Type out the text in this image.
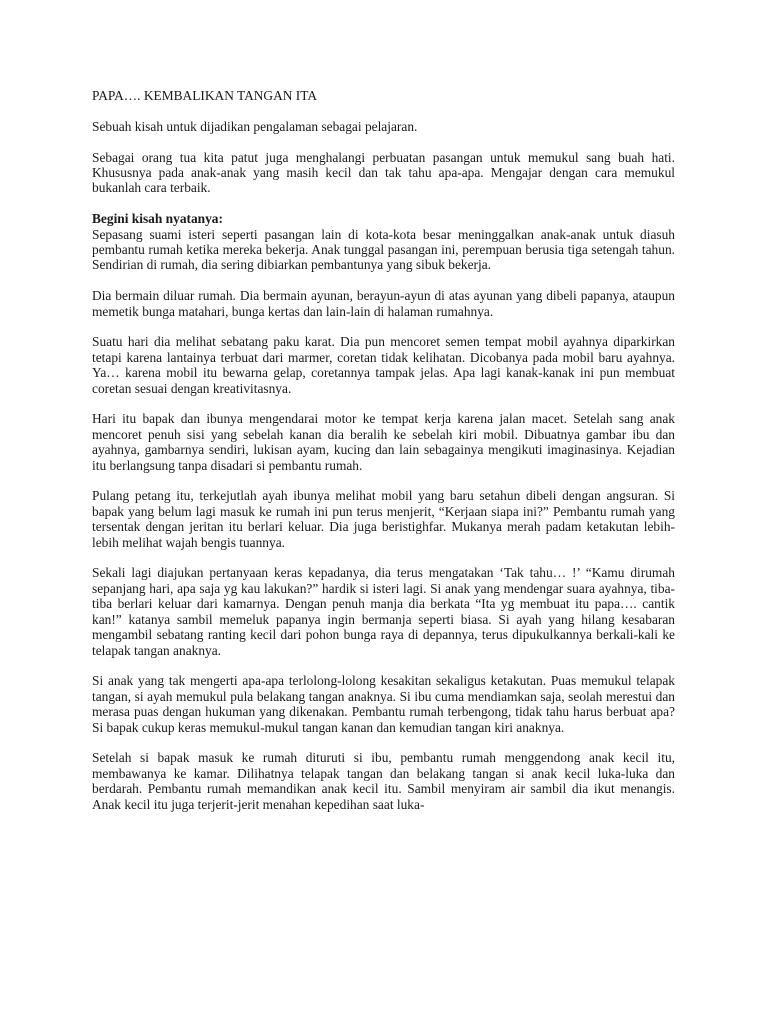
PAPA…. KEMBALIKAN TANGAN ITA

Sebuah kisah untuk dijadikan pengalaman sebagai pelajaran.

Sebagai orang tua kita patut juga menghalangi perbuatan pasangan untuk memukul sang buah hati. Khususnya pada anak-anak yang masih kecil dan tak tahu apa-apa. Mengajar dengan cara memukul bukanlah cara terbaik.

Begini kisah nyatanya:

Sepasang suami isteri seperti pasangan lain di kota-kota besar meninggalkan anak-anak untuk diasuh pembantu rumah ketika mereka bekerja. Anak tunggal pasangan ini, perempuan berusia tiga setengah tahun. Sendirian di rumah, dia sering dibiarkan pembantunya yang sibuk bekerja.

Dia bermain diluar rumah. Dia bermain ayunan, berayun-ayun di atas ayunan yang dibeli papanya, ataupun memetik bunga matahari, bunga kertas dan lain-lain di halaman rumahnya.

Suatu hari dia melihat sebatang paku karat. Dia pun mencoret semen tempat mobil ayahnya diparkirkan tetapi karena lantainya terbuat dari marmer, coretan tidak kelihatan. Dicobanya pada mobil baru ayahnya. Ya… karena mobil itu bewarna gelap, coretannya tampak jelas. Apa lagi kanak-kanak ini pun membuat coretan sesuai dengan kreativitasnya.

Hari itu bapak dan ibunya mengendarai motor ke tempat kerja karena jalan macet. Setelah sang anak mencoret penuh sisi yang sebelah kanan dia beralih ke sebelah kiri mobil. Dibuatnya gambar ibu dan ayahnya, gambarnya sendiri, lukisan ayam, kucing dan lain sebagainya mengikuti imaginasinya. Kejadian itu berlangsung tanpa disadari si pembantu rumah.

Pulang petang itu, terkejutlah ayah ibunya melihat mobil yang baru setahun dibeli dengan angsuran. Si bapak yang belum lagi masuk ke rumah ini pun terus menjerit, “Kerjaan siapa ini?” Pembantu rumah yang tersentak dengan jeritan itu berlari keluar. Dia juga beristighfar. Mukanya merah padam ketakutan lebih-lebih melihat wajah bengis tuannya.

Sekali lagi diajukan pertanyaan keras kepadanya, dia terus mengatakan ‘Tak tahu… !’ “Kamu dirumah sepanjang hari, apa saja yg kau lakukan?” hardik si isteri lagi. Si anak yang mendengar suara ayahnya, tiba-tiba berlari keluar dari kamarnya. Dengan penuh manja dia berkata “Ita yg membuat itu papa…. cantik kan!” katanya sambil memeluk papanya ingin bermanja seperti biasa. Si ayah yang hilang kesabaran mengambil sebatang ranting kecil dari pohon bunga raya di depannya, terus dipukulkannya berkali-kali ke telapak tangan anaknya.

Si anak yang tak mengerti apa-apa terlolong-lolong kesakitan sekaligus ketakutan. Puas memukul telapak tangan, si ayah memukul pula belakang tangan anaknya. Si ibu cuma mendiamkan saja, seolah merestui dan merasa puas dengan hukuman yang dikenakan. Pembantu rumah terbengong, tidak tahu harus berbuat apa? Si bapak cukup keras memukul-mukul tangan kanan dan kemudian tangan kiri anaknya.

Setelah si bapak masuk ke rumah dituruti si ibu, pembantu rumah menggendong anak kecil itu, membawanya ke kamar. Dilihatnya telapak tangan dan belakang tangan si anak kecil luka-luka dan berdarah. Pembantu rumah memandikan anak kecil itu. Sambil menyiram air sambil dia ikut menangis. Anak kecil itu juga terjerit-jerit menahan kepedihan saat luka-
